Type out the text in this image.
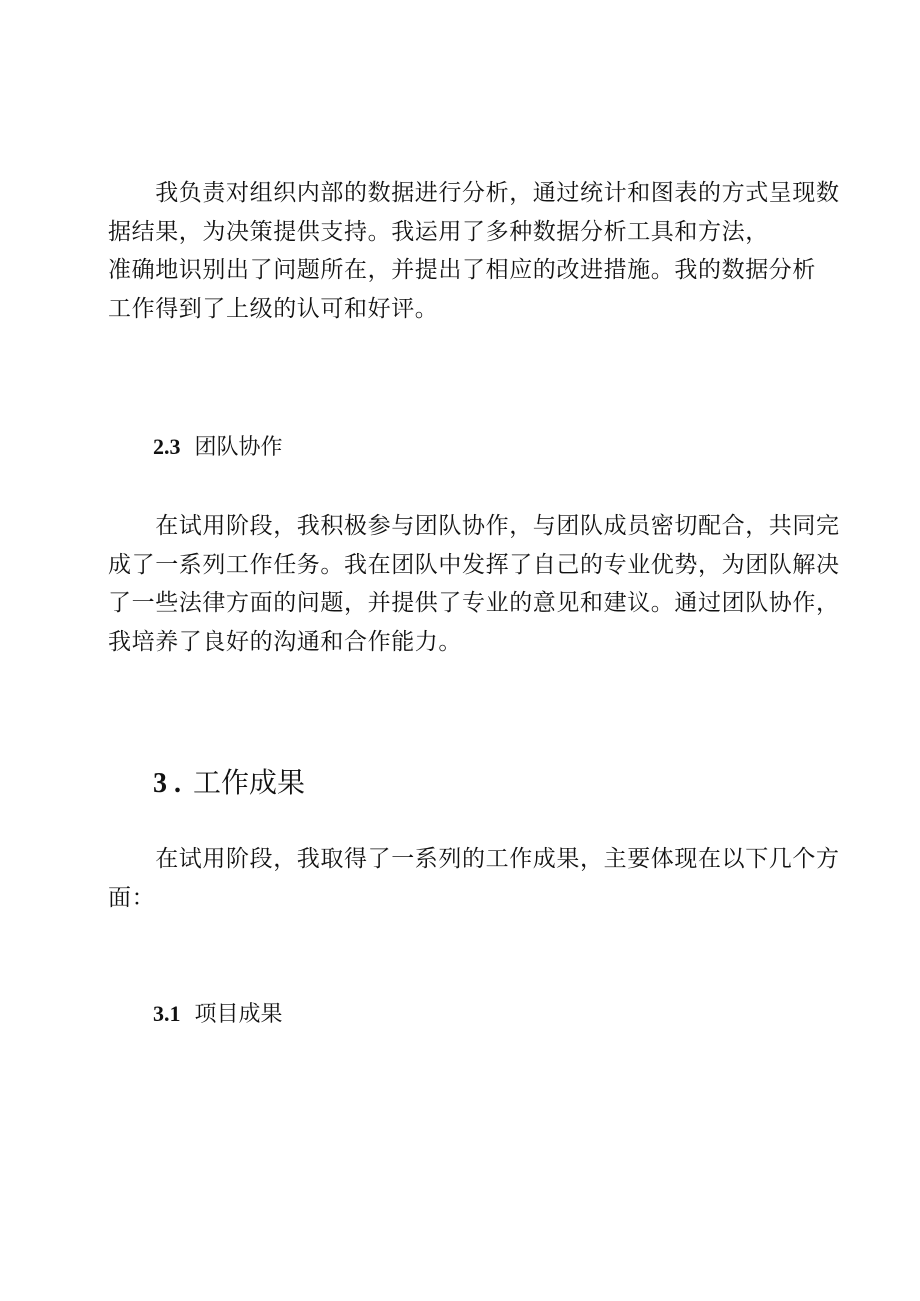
　　我负责对组织内部的数据进行分析，通过统计和图表的方式呈现数
据结果，为决策提供支持。我运用了多种数据分析工具和方法，
准确地识别出了问题所在，并提出了相应的改进措施。我的数据分析
工作得到了上级的认可和好评。

2.3 团队协作

　　在试用阶段，我积极参与团队协作，与团队成员密切配合，共同完
成了一系列工作任务。我在团队中发挥了自己的专业优势，为团队解决
了一些法律方面的问题，并提供了专业的意见和建议。通过团队协作，
我培养了良好的沟通和合作能力。

3 . 工作成果

　　在试用阶段，我取得了一系列的工作成果，主要体现在以下几个方
面：

3.1 项目成果
